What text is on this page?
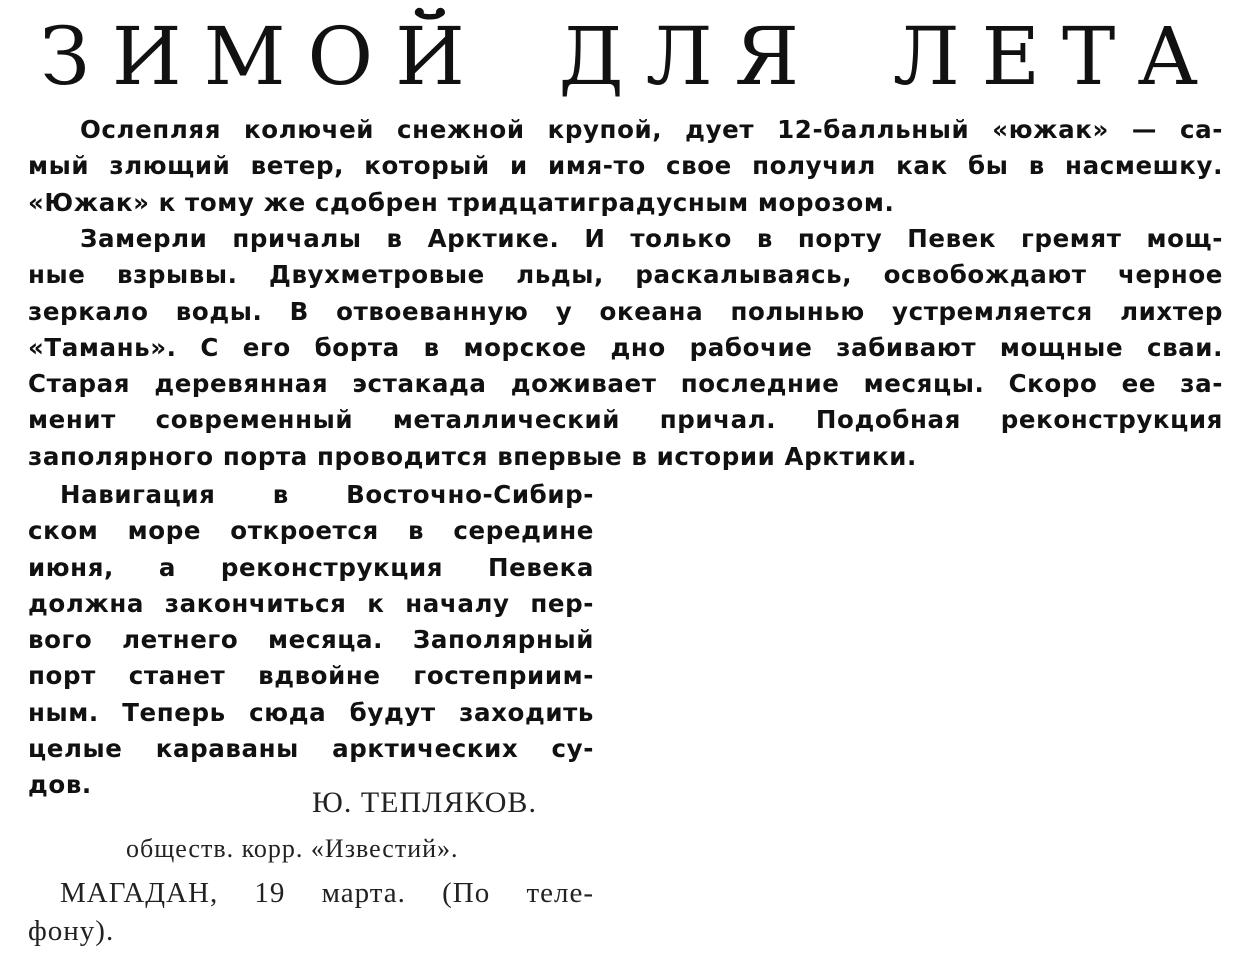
ЗИМОЙ ДЛЯ ЛЕТА
Ослепляя колючей снежной крупой, дует 12-балльный «южак» — са-
мый злющий ветер, который и имя-то свое получил как бы в насмешку.
«Южак» к тому же сдобрен тридцатиградусным морозом.
Замерли причалы в Арктике. И только в порту Певек гремят мощ-
ные взрывы. Двухметровые льды, раскалываясь, освобождают черное
зеркало воды. В отвоеванную у океана полынью устремляется лихтер
«Тамань». С его борта в морское дно рабочие забивают мощные сваи.
Старая деревянная эстакада доживает последние месяцы. Скоро ее за-
менит современный металлический причал. Подобная реконструкция
заполярного порта проводится впервые в истории Арктики.
Навигация в Восточно-Сибир-
ском море откроется в середине
июня, а реконструкция Певека
должна закончиться к началу пер-
вого летнего месяца. Заполярный
порт станет вдвойне гостеприим-
ным. Теперь сюда будут заходить
целые караваны арктических су-
дов.
Ю. ТЕПЛЯКОВ.
обществ. корр. «Известий».
МАГАДАН, 19 марта. (По теле-
фону).
